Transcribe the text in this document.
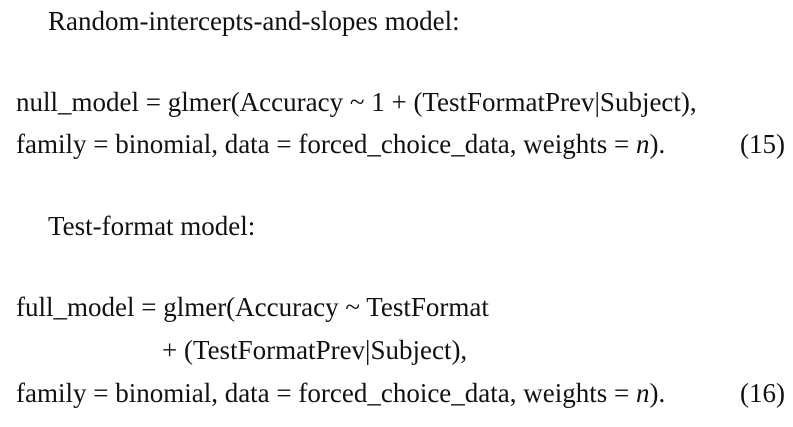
Random-intercepts-and-slopes model:
null_model = glmer(Accuracy ~ 1 + (TestFormatPrev|Subject),
family = binomial, data = forced_choice_data, weights = n).	(15)
Test-format model:
full_model = glmer(Accuracy ~ TestFormat
+ (TestFormatPrev|Subject),
family = binomial, data = forced_choice_data, weights = n).	(16)
